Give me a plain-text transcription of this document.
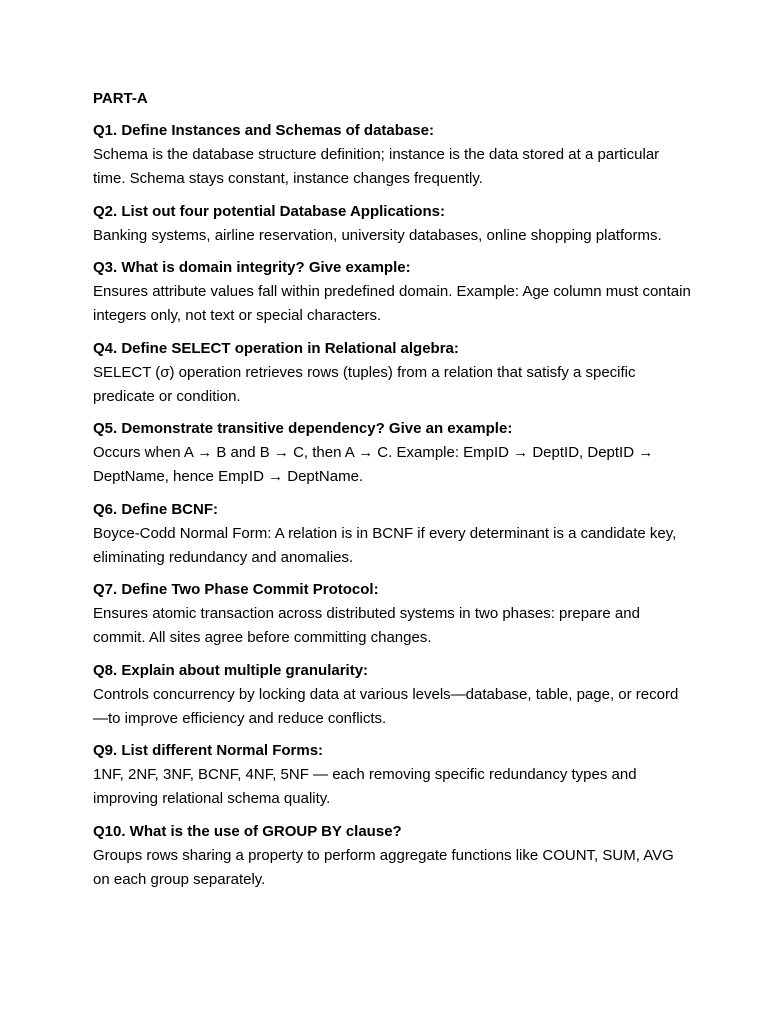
PART-A
Q1. Define Instances and Schemas of database:

Schema is the database structure definition; instance is the data stored at a particular time. Schema stays constant, instance changes frequently.

Q2. List out four potential Database Applications:

Banking systems, airline reservation, university databases, online shopping platforms.

Q3. What is domain integrity? Give example:

Ensures attribute values fall within predefined domain. Example: Age column must contain integers only, not text or special characters.

Q4. Define SELECT operation in Relational algebra:

SELECT (σ) operation retrieves rows (tuples) from a relation that satisfy a specific predicate or condition.

Q5. Demonstrate transitive dependency? Give an example:

Occurs when A → B and B → C, then A → C. Example: EmpID → DeptID, DeptID → DeptName, hence EmpID → DeptName.

Q6. Define BCNF:

Boyce-Codd Normal Form: A relation is in BCNF if every determinant is a candidate key, eliminating redundancy and anomalies.

Q7. Define Two Phase Commit Protocol:

Ensures atomic transaction across distributed systems in two phases: prepare and commit. All sites agree before committing changes.

Q8. Explain about multiple granularity:

Controls concurrency by locking data at various levels—database, table, page, or record—to improve efficiency and reduce conflicts.

Q9. List different Normal Forms:

1NF, 2NF, 3NF, BCNF, 4NF, 5NF — each removing specific redundancy types and improving relational schema quality.

Q10. What is the use of GROUP BY clause?

Groups rows sharing a property to perform aggregate functions like COUNT, SUM, AVG on each group separately.
